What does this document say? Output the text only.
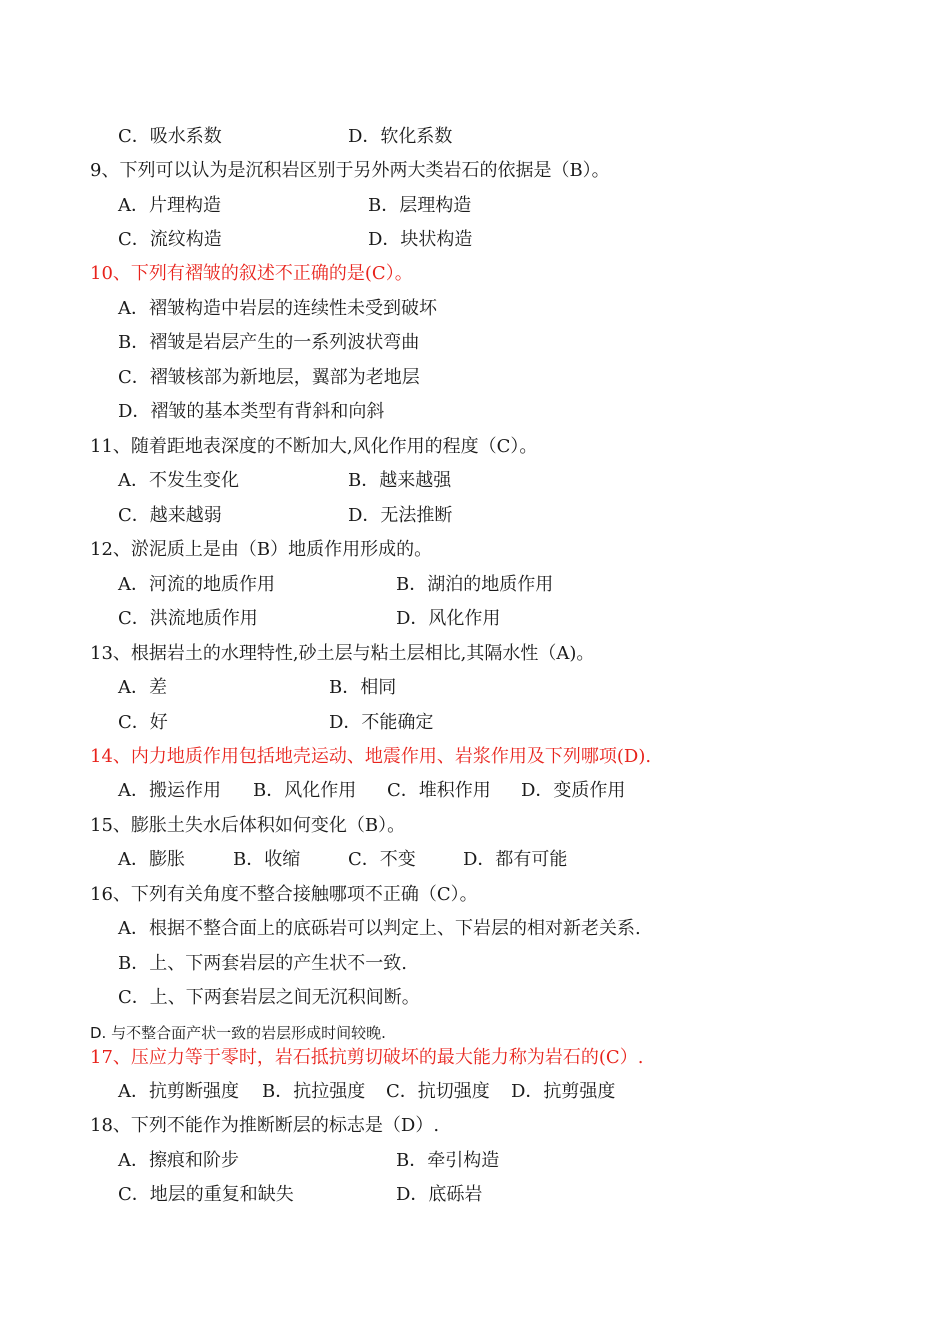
C．吸水系数	D．软化系数
9、下列可以认为是沉积岩区别于另外两大类岩石的依据是（B）。
A．片理构造	B．层理构造
C．流纹构造	D．块状构造
10、下列有褶皱的叙述不正确的是(C）。
A．褶皱构造中岩层的连续性未受到破坏
B．褶皱是岩层产生的一系列波状弯曲
C．褶皱核部为新地层，翼部为老地层
D．褶皱的基本类型有背斜和向斜
11、随着距地表深度的不断加大,风化作用的程度（C）。
A．不发生变化	B．越来越强
C．越来越弱	D．无法推断
12、淤泥质上是由（B）地质作用形成的。
A．河流的地质作用	B．湖泊的地质作用
C．洪流地质作用	D．风化作用
13、根据岩土的水理特性,砂土层与粘土层相比,其隔水性（A)。
A．差	B．相同
C．好	D．不能确定
14、内力地质作用包括地壳运动、地震作用、岩浆作用及下列哪项(D).
A．搬运作用 B．风化作用 C．堆积作用 D．变质作用
15、膨胀土失水后体积如何变化（B）。
A．膨胀	B．收缩	C．不变	D．都有可能
16、下列有关角度不整合接触哪项不正确（C）。
A．根据不整合面上的底砾岩可以判定上、下岩层的相对新老关系.
B．上、下两套岩层的产生状不一致.
C．上、下两套岩层之间无沉积间断。
D. 与不整合面产状一致的岩层形成时间较晚.
17、压应力等于零时，岩石抵抗剪切破坏的最大能力称为岩石的(C）.
A．抗剪断强度 B．抗拉强度 C．抗切强度 D．抗剪强度
18、下列不能作为推断断层的标志是（D）.
A．擦痕和阶步	B．牵引构造
C．地层的重复和缺失	D．底砾岩
